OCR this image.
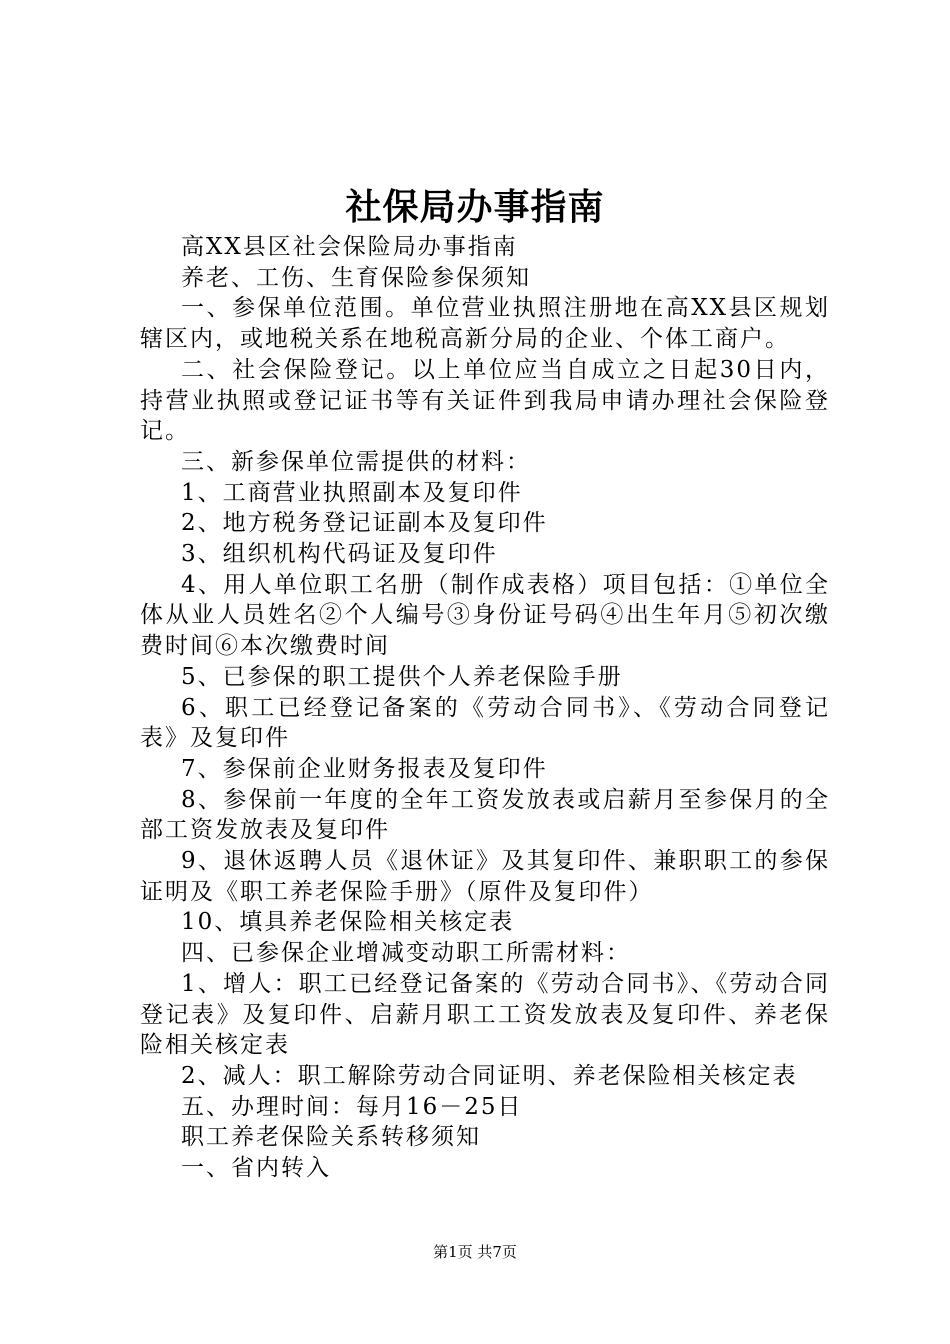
社保局办事指南

高XX县区社会保险局办事指南

养老、工伤、生育保险参保须知

一、参保单位范围。单位营业执照注册地在高XX县区规划辖区内，或地税关系在地税高新分局的企业、个体工商户。

二、社会保险登记。以上单位应当自成立之日起30日内，持营业执照或登记证书等有关证件到我局申请办理社会保险登记。

三、新参保单位需提供的材料：

1、工商营业执照副本及复印件

2、地方税务登记证副本及复印件

3、组织机构代码证及复印件

4、用人单位职工名册（制作成表格）项目包括：①单位全体从业人员姓名②个人编号③身份证号码④出生年月⑤初次缴费时间⑥本次缴费时间

5、已参保的职工提供个人养老保险手册

6、职工已经登记备案的《劳动合同书》、《劳动合同登记表》及复印件

7、参保前企业财务报表及复印件

8、参保前一年度的全年工资发放表或启薪月至参保月的全部工资发放表及复印件

9、退休返聘人员《退休证》及其复印件、兼职职工的参保证明及《职工养老保险手册》（原件及复印件）

10、填具养老保险相关核定表

四、已参保企业增减变动职工所需材料：

1、增人：职工已经登记备案的《劳动合同书》、《劳动合同登记表》及复印件、启薪月职工工资发放表及复印件、养老保险相关核定表

2、减人：职工解除劳动合同证明、养老保险相关核定表

五、办理时间：每月16－25日

职工养老保险关系转移须知

一、省内转入

第1页 共7页
